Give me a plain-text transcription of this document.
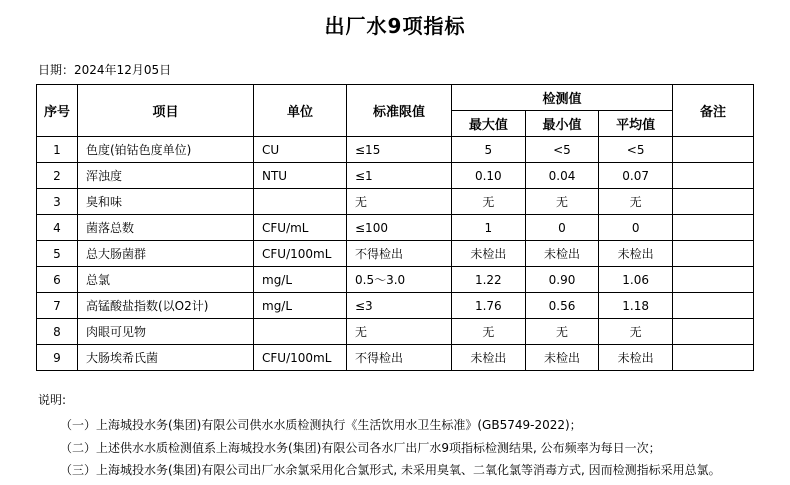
出厂水9项指标
日期：2024年12月05日
序号	项目	单位	标准限值	检测值			备注
				最大值	最小值	平均值	
1	色度(铂钴色度单位)	CU	≤15	5	<5	<5	
2	浑浊度	NTU	≤1	0.10	0.04	0.07	
3	臭和味		无	无	无	无	
4	菌落总数	CFU/mL	≤100	1	0	0	
5	总大肠菌群	CFU/100mL	不得检出	未检出	未检出	未检出	
6	总氯	mg/L	0.5～3.0	1.22	0.90	1.06	
7	高锰酸盐指数(以O2计)	mg/L	≤3	1.76	0.56	1.18	
8	肉眼可见物		无	无	无	无	
9	大肠埃希氏菌	CFU/100mL	不得检出	未检出	未检出	未检出	
说明:
（一）上海城投水务(集团)有限公司供水水质检测执行《生活饮用水卫生标准》(GB5749-2022)；
（二）上述供水水质检测值系上海城投水务(集团)有限公司各水厂出厂水9项指标检测结果, 公布频率为每日一次；
（三）上海城投水务(集团)有限公司出厂水余氯采用化合氯形式, 未采用臭氧、二氧化氯等消毒方式, 因而检测指标采用总氯。
